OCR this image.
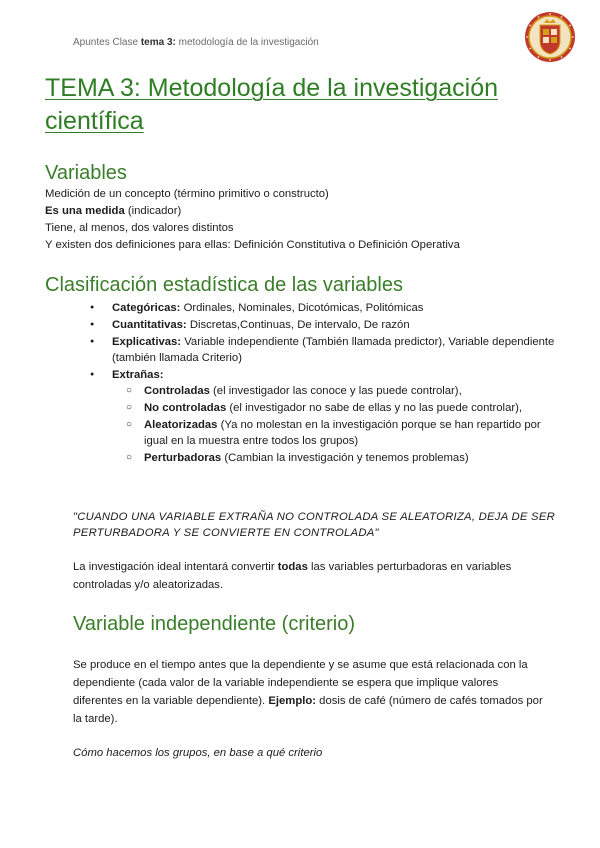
Apuntes Clase tema 3: metodología de la investigación
TEMA 3: Metodología de la investigación científica
Variables
Medición de un concepto (término primitivo o constructo)
Es una medida (indicador)
Tiene, al menos, dos valores distintos
Y existen dos definiciones para ellas: Definición Constitutiva o Definición Operativa
Clasificación estadística de las variables
● Categóricas: Ordinales, Nominales, Dicotómicas, Politómicas
● Cuantitativas: Discretas,Continuas, De intervalo, De razón
● Explicativas: Variable independiente (También llamada predictor), Variable dependiente (también llamada Criterio)
● Extrañas:
○ Controladas (el investigador las conoce y las puede controlar),
○ No controladas (el investigador no sabe de ellas y no las puede controlar),
○ Aleatorizadas (Ya no molestan en la investigación porque se han repartido por igual en la muestra entre todos los grupos)
○ Perturbadoras (Cambian la investigación y tenemos problemas)

"CUANDO UNA VARIABLE EXTRAÑA NO CONTROLADA SE ALEATORIZA, DEJA DE SER PERTURBADORA Y SE CONVIERTE EN CONTROLADA"

La investigación ideal intentará convertir todas las variables perturbadoras en variables controladas y/o aleatorizadas.

Variable independiente (criterio)

Se produce en el tiempo antes que la dependiente y se asume que está relacionada con la dependiente (cada valor de la variable independiente se espera que implique valores diferentes en la variable dependiente). Ejemplo: dosis de café (número de cafés tomados por la tarde).

Cómo hacemos los grupos, en base a qué criterio
